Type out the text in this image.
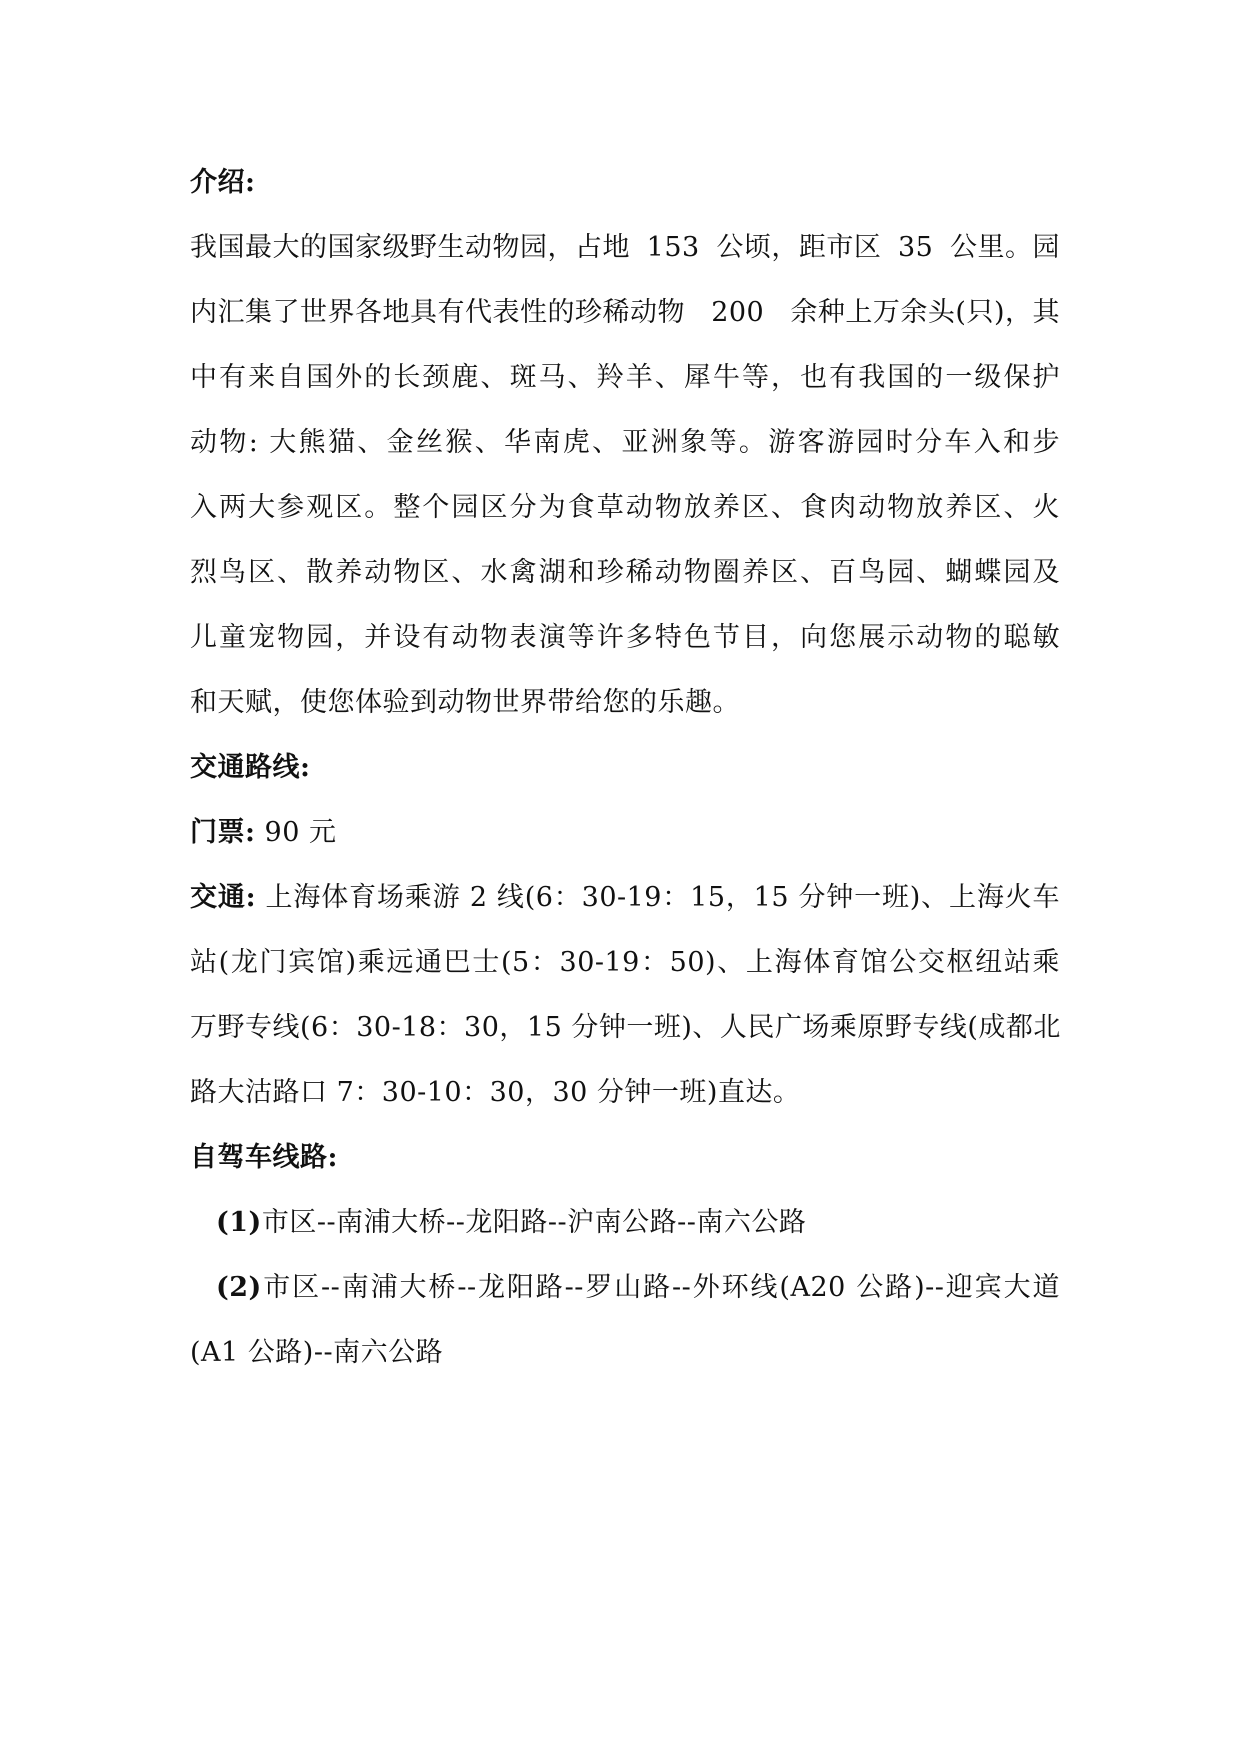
介绍:
我国最大的国家级野生动物园，占地 153 公顷，距市区 35 公里。园
内汇集了世界各地具有代表性的珍稀动物 200 余种上万余头(只)，其
中有来自国外的长颈鹿、斑马、羚羊、犀牛等，也有我国的一级保护
动物: 大熊猫、金丝猴、华南虎、亚洲象等。游客游园时分车入和步
入两大参观区。整个园区分为食草动物放养区、食肉动物放养区、火
烈鸟区、散养动物区、水禽湖和珍稀动物圈养区、百鸟园、蝴蝶园及
儿童宠物园，并设有动物表演等许多特色节目，向您展示动物的聪敏
和天赋，使您体验到动物世界带给您的乐趣。
交通路线:
门票: 90 元
交通: 上海体育场乘游 2 线(6：30-19：15，15 分钟一班)、上海火车
站(龙门宾馆)乘远通巴士(5：30-19：50)、上海体育馆公交枢纽站乘
万野专线(6：30-18：30，15 分钟一班)、人民广场乘原野专线(成都北
路大沽路口 7：30-10：30，30 分钟一班)直达。
自驾车线路:
(1)市区--南浦大桥--龙阳路--沪南公路--南六公路
(2)市区--南浦大桥--龙阳路--罗山路--外环线(A20 公路)--迎宾大道
(A1 公路)--南六公路
